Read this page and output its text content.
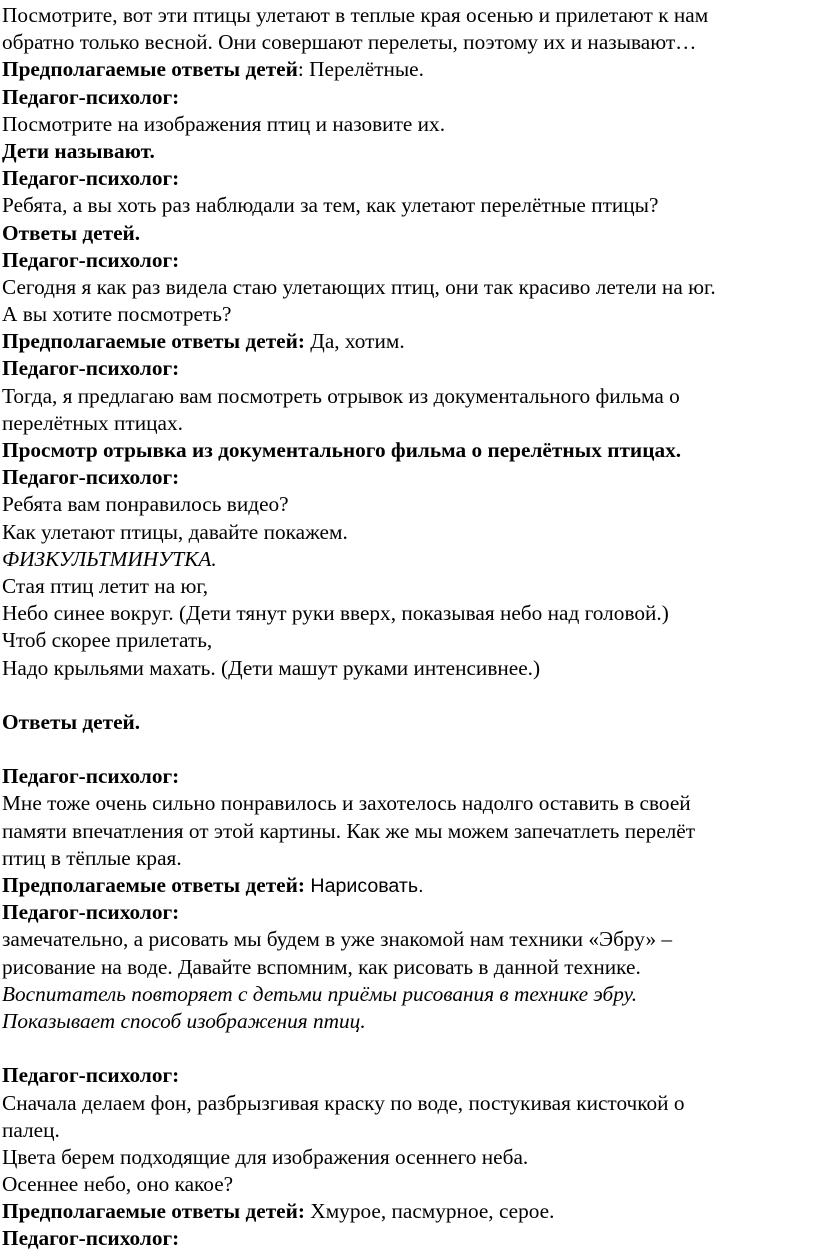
Посмотрите, вот эти птицы улетают в теплые края осенью и прилетают к нам

обратно только весной. Они совершают перелеты, поэтому их и называют…

Предполагаемые ответы детей: Перелётные.

Педагог-психолог:

Посмотрите на изображения птиц и назовите их.

Дети называют.

Педагог-психолог:

Ребята, а вы хоть раз наблюдали за тем, как улетают перелётные птицы?

Ответы детей.

Педагог-психолог:

Сегодня я как раз видела стаю улетающих птиц, они так красиво летели на юг.

А вы хотите посмотреть?

Предполагаемые ответы детей: Да, хотим.

Педагог-психолог:

Тогда, я предлагаю вам посмотреть отрывок из документального фильма о

перелётных птицах.

Просмотр отрывка из документального фильма о перелётных птицах.

Педагог-психолог:

Ребята вам понравилось видео?

Как улетают птицы, давайте покажем.

ФИЗКУЛЬТМИНУТКА.

Стая птиц летит на юг,

Небо синее вокруг. (Дети тянут руки вверх, показывая небо над головой.)

Чтоб скорее прилетать,

Надо крыльями махать. (Дети машут руками интенсивнее.)

Ответы детей.

Педагог-психолог:

Мне тоже очень сильно понравилось и захотелось надолго оставить в своей

памяти впечатления от этой картины. Как же мы можем запечатлеть перелёт

птиц в тёплые края.

Предполагаемые ответы детей: Нарисовать.

Педагог-психолог:

замечательно, а рисовать мы будем в уже знакомой нам техники «Эбру» –

рисование на воде. Давайте вспомним, как рисовать в данной технике.

Воспитатель повторяет с детьми приёмы рисования в технике эбру.

Показывает способ изображения птиц.

Педагог-психолог:

Сначала делаем фон, разбрызгивая краску по воде, постукивая кисточкой о

палец.

Цвета берем подходящие для изображения осеннего неба.

Осеннее небо, оно какое?

Предполагаемые ответы детей: Хмурое, пасмурное, серое.

Педагог-психолог:
